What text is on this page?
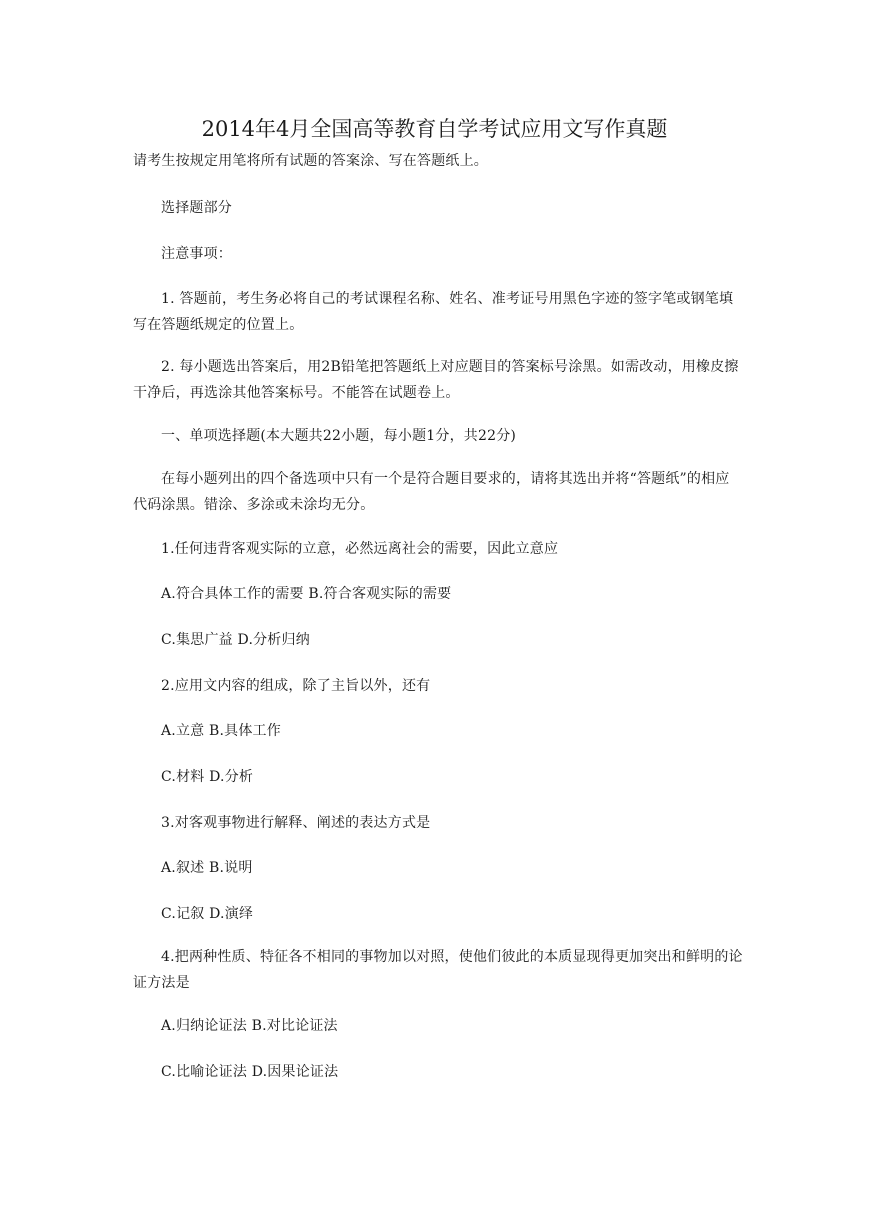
2014年4月全国高等教育自学考试应用文写作真题
请考生按规定用笔将所有试题的答案涂、写在答题纸上。
选择题部分
注意事项：
1. 答题前，考生务必将自己的考试课程名称、姓名、准考证号用黑色字迹的签字笔或钢笔填写在答题纸规定的位置上。
2. 每小题选出答案后，用2B铅笔把答题纸上对应题目的答案标号涂黑。如需改动，用橡皮擦干净后，再选涂其他答案标号。不能答在试题卷上。
一、单项选择题(本大题共22小题，每小题1分，共22分)
在每小题列出的四个备选项中只有一个是符合题目要求的，请将其选出并将“答题纸”的相应代码涂黑。错涂、多涂或未涂均无分。
1.任何违背客观实际的立意，必然远离社会的需要，因此立意应
A.符合具体工作的需要 B.符合客观实际的需要
C.集思广益 D.分析归纳
2.应用文内容的组成，除了主旨以外，还有
A.立意 B.具体工作
C.材料 D.分析
3.对客观事物进行解释、阐述的表达方式是
A.叙述 B.说明
C.记叙 D.演绎
4.把两种性质、特征各不相同的事物加以对照，使他们彼此的本质显现得更加突出和鲜明的论证方法是
A.归纳论证法 B.对比论证法
C.比喻论证法 D.因果论证法
